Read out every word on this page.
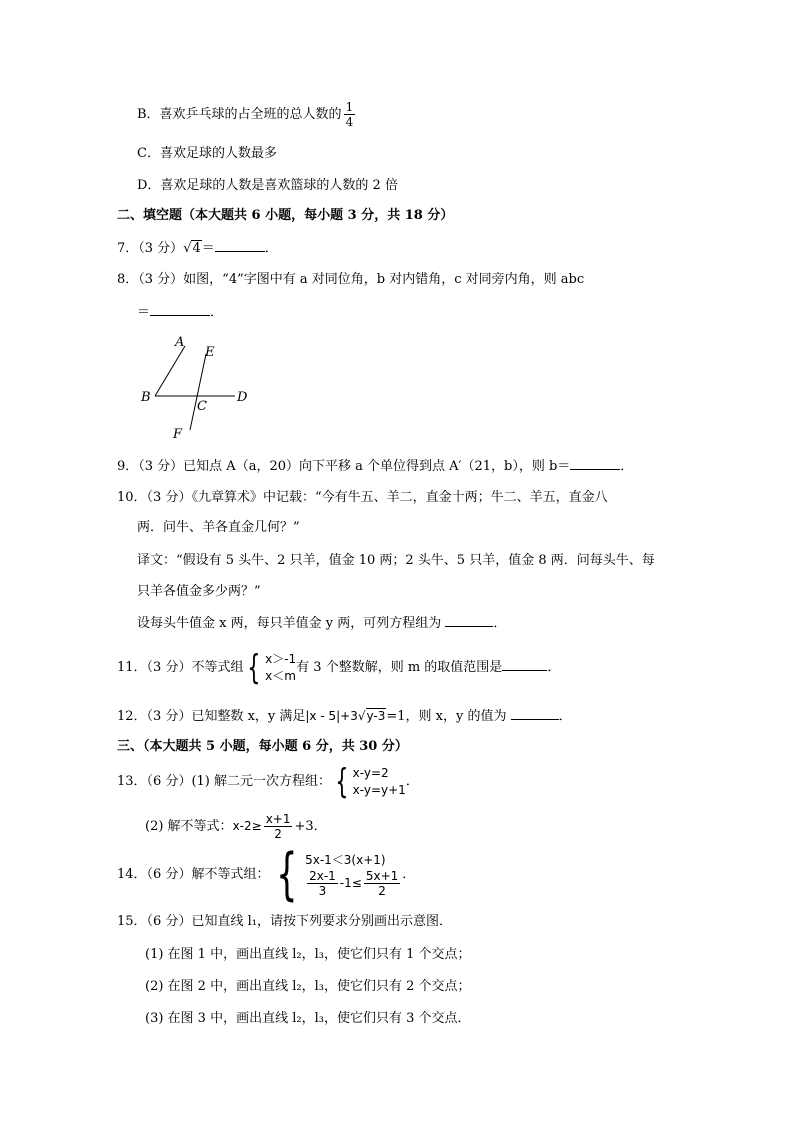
B．喜欢乒乓球的占全班的总人数的 $\frac{1}{4}$
C．喜欢足球的人数最多
D．喜欢足球的人数是喜欢篮球的人数的 2 倍
二、填空题（本大题共 6 小题，每小题 3 分，共 18 分）
7．（3 分）√4＝	．
8．（3 分）如图，“4”字图中有 a 对同位角，b 对内错角，c 对同旁内角，则 abc
＝	．
A
E
B
C
D
F
9．（3 分）已知点 A（a，20）向下平移 a 个单位得到点 A′（21，b），则 b＝	．
10．（3 分）《九章算术》中记载：“今有牛五、羊二，直金十两；牛二、羊五，直金八
两．问牛、羊各直金几何？”
译文：“假设有 5 头牛、2 只羊，值金 10 两；2 头牛、5 只羊，值金 8 两．问每头牛、每
只羊各值金多少两？”
设每头牛值金 x 两，每只羊值金 y 两，可列方程组为	．
11．（3 分）不等式组 { x＞-1
x＜m
有 3 个整数解，则 m 的取值范围是	．
12．（3 分）已知整数 x，y 满足|x - 5|+3√y-3=1，则 x，y 的值为	．
三、（本大题共 5 小题，每小题 6 分，共 30 分）
13．（6 分）(1) 解二元一次方程组： { x-y=2
x-y=y+1
．
(2) 解不等式：$x-2\ge \frac{x+1}{2} +3$．
14．（6 分）解不等式组： { 5x-1＜3(x+1)
$\frac{2x-1}{3} -1\le \frac{5x+1}{2}$ ．
15．（6 分）已知直线 l₁，请按下列要求分别画出示意图．
(1) 在图 1 中，画出直线 l₂，l₃，使它们只有 1 个交点；
(2) 在图 2 中，画出直线 l₂，l₃，使它们只有 2 个交点；
(3) 在图 3 中，画出直线 l₂，l₃，使它们只有 3 个交点．
